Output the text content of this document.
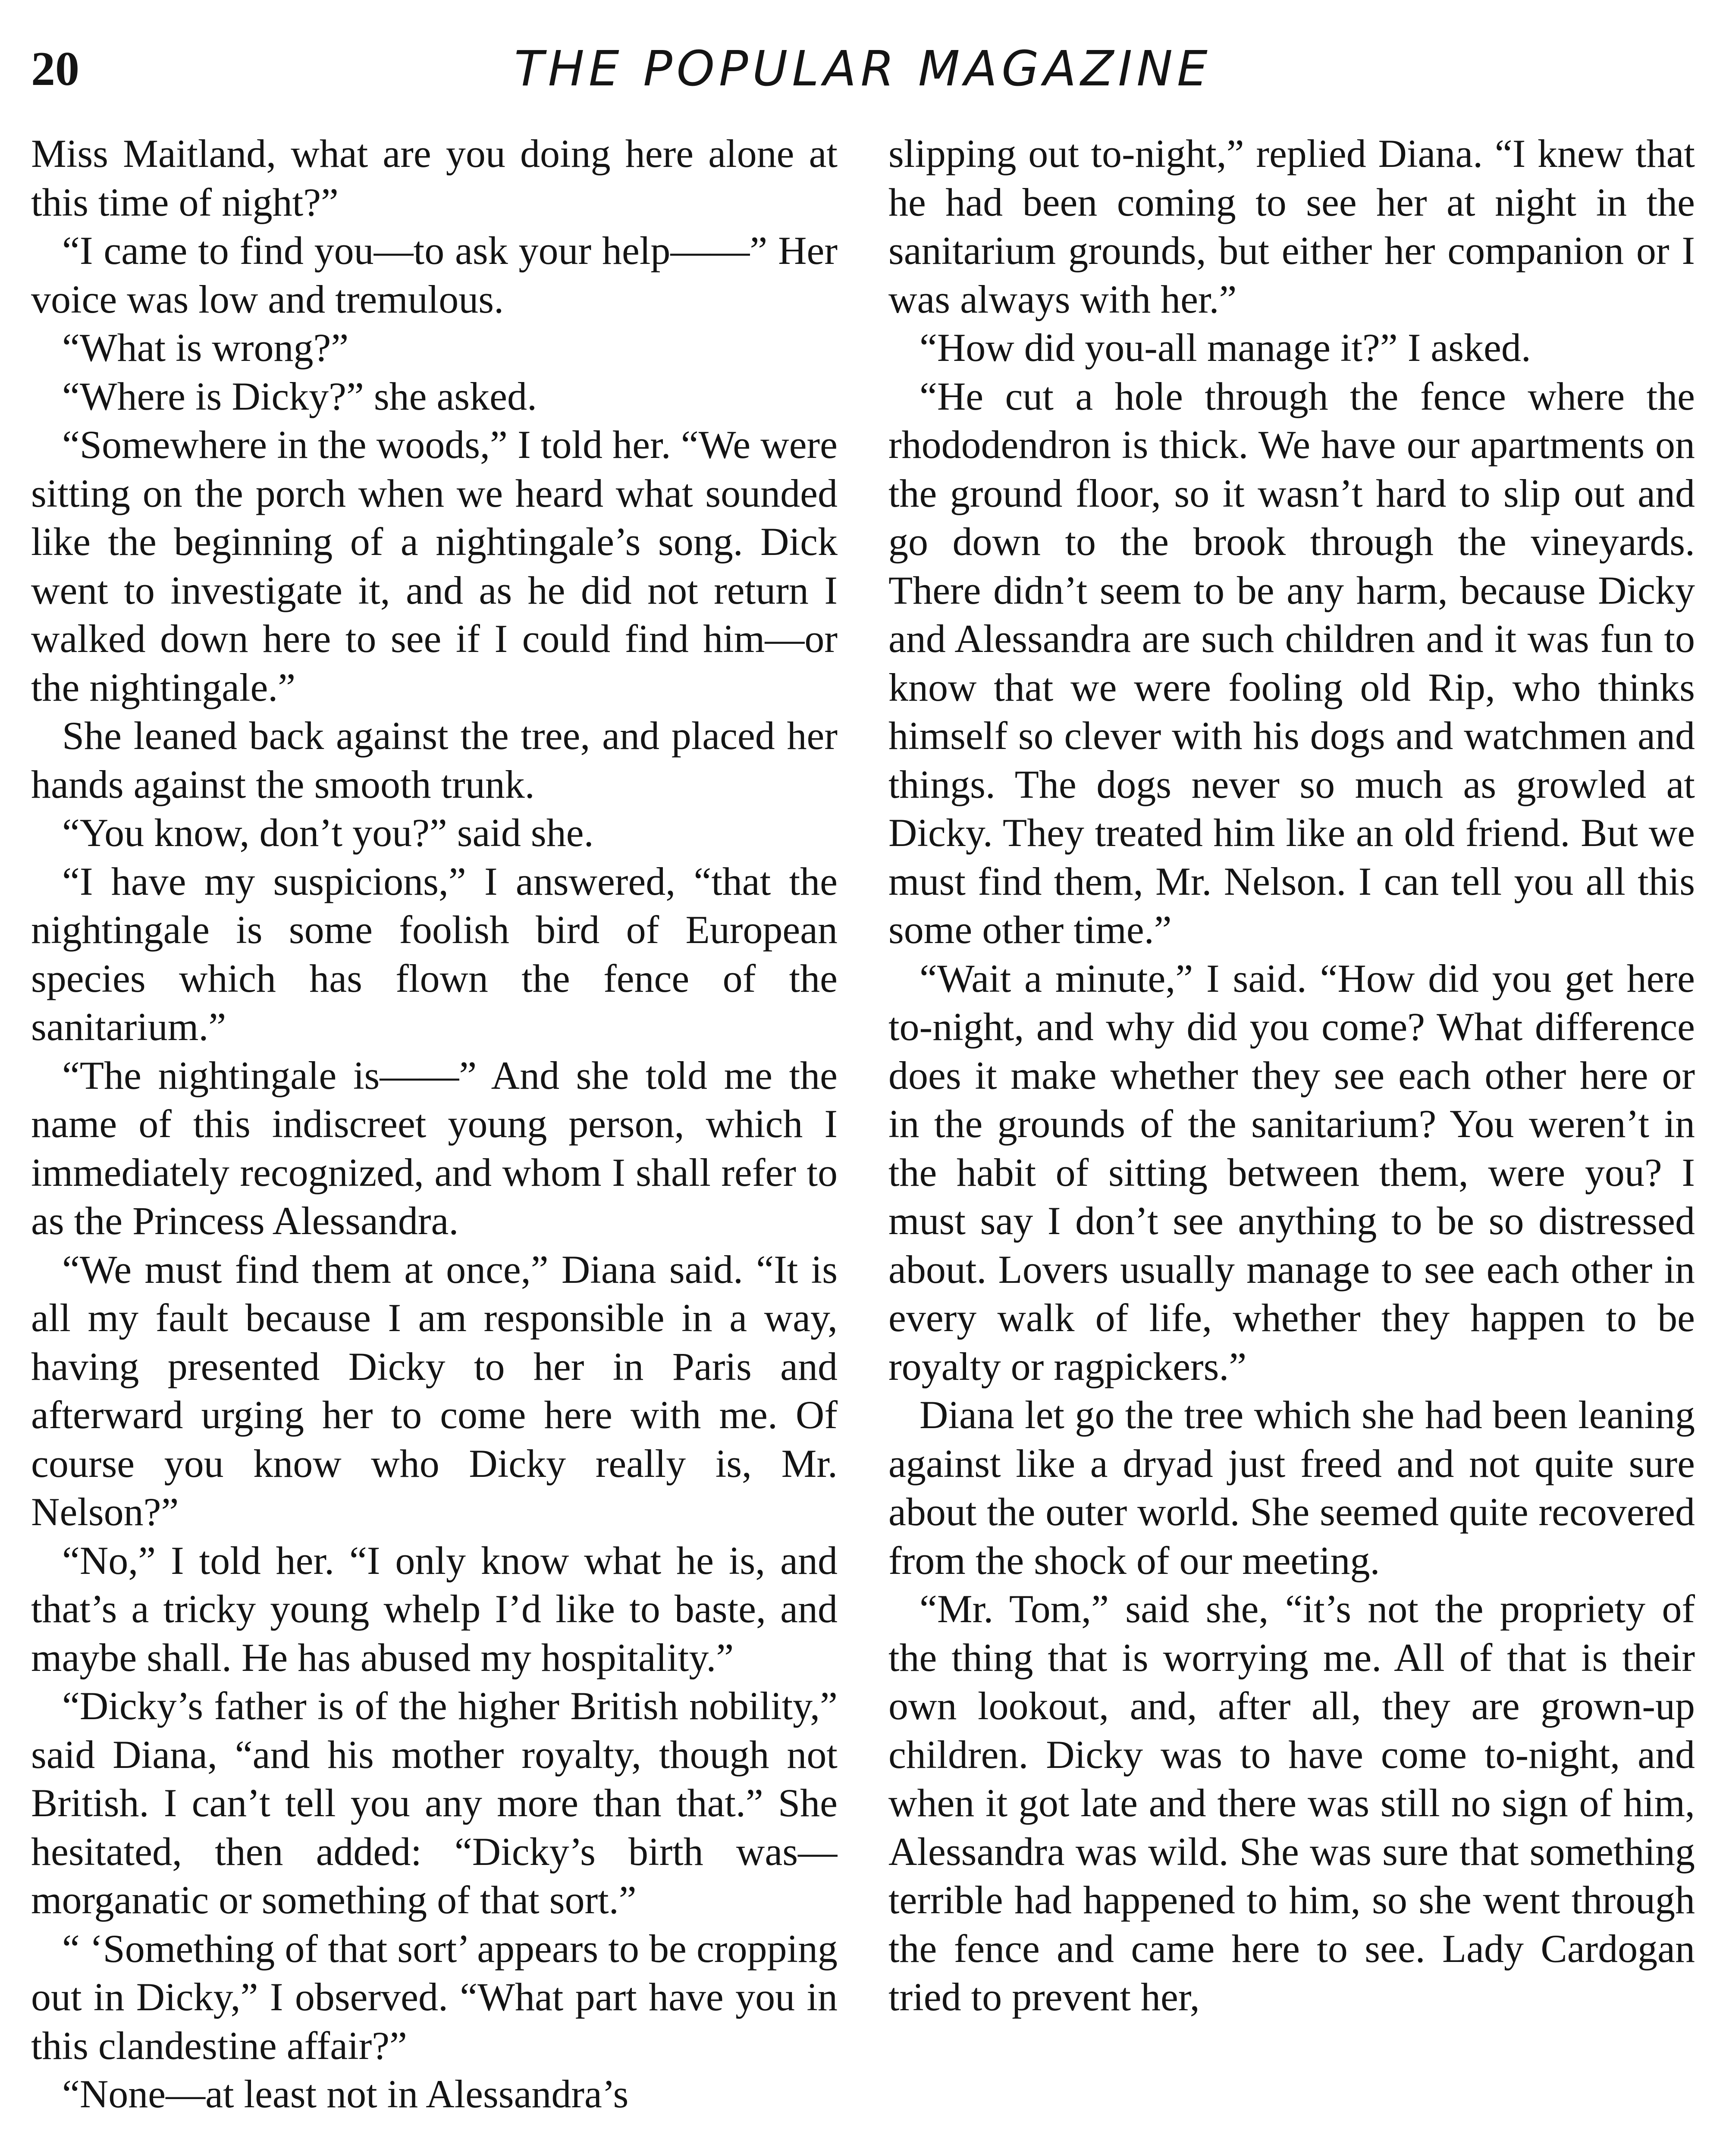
20	THE POPULAR MAGAZINE

Miss Maitland, what are you doing here alone at this time of night?”

“I came to find you—to ask your help——” Her voice was low and tremulous.

“What is wrong?”

“Where is Dicky?” she asked.

“Somewhere in the woods,” I told her. “We were sitting on the porch when we heard what sounded like the beginning of a nightingale’s song. Dick went to investigate it, and as he did not return I walked down here to see if I could find him—or the nightingale.”

She leaned back against the tree, and placed her hands against the smooth trunk.

“You know, don’t you?” said she.

“I have my suspicions,” I answered, “that the nightingale is some foolish bird of European species which has flown the fence of the sanitarium.”

“The nightingale is——” And she told me the name of this indiscreet young person, which I immediately recognized, and whom I shall refer to as the Princess Alessandra.

“We must find them at once,” Diana said. “It is all my fault because I am responsible in a way, having presented Dicky to her in Paris and afterward urging her to come here with me. Of course you know who Dicky really is, Mr. Nelson?”

“No,” I told her. “I only know what he is, and that’s a tricky young whelp I’d like to baste, and maybe shall. He has abused my hospitality.”

“Dicky’s father is of the higher British nobility,” said Diana, “and his mother royalty, though not British. I can’t tell you any more than that.” She hesitated, then added: “Dicky’s birth was—morganatic or something of that sort.”

“ ‘Something of that sort’ appears to be cropping out in Dicky,” I observed. “What part have you in this clandestine affair?”

“None—at least not in Alessandra’s

slipping out to-night,” replied Diana. “I knew that he had been coming to see her at night in the sanitarium grounds, but either her companion or I was always with her.”

“How did you-all manage it?” I asked.

“He cut a hole through the fence where the rhododendron is thick. We have our apartments on the ground floor, so it wasn’t hard to slip out and go down to the brook through the vineyards. There didn’t seem to be any harm, because Dicky and Alessandra are such children and it was fun to know that we were fooling old Rip, who thinks himself so clever with his dogs and watchmen and things. The dogs never so much as growled at Dicky. They treated him like an old friend. But we must find them, Mr. Nelson. I can tell you all this some other time.”

“Wait a minute,” I said. “How did you get here to-night, and why did you come? What difference does it make whether they see each other here or in the grounds of the sanitarium? You weren’t in the habit of sitting between them, were you? I must say I don’t see anything to be so distressed about. Lovers usually manage to see each other in every walk of life, whether they happen to be royalty or ragpickers.”

Diana let go the tree which she had been leaning against like a dryad just freed and not quite sure about the outer world. She seemed quite recovered from the shock of our meeting.

“Mr. Tom,” said she, “it’s not the propriety of the thing that is worrying me. All of that is their own lookout, and, after all, they are grown-up children. Dicky was to have come to-night, and when it got late and there was still no sign of him, Alessandra was wild. She was sure that something terrible had happened to him, so she went through the fence and came here to see. Lady Cardogan tried to prevent her,
